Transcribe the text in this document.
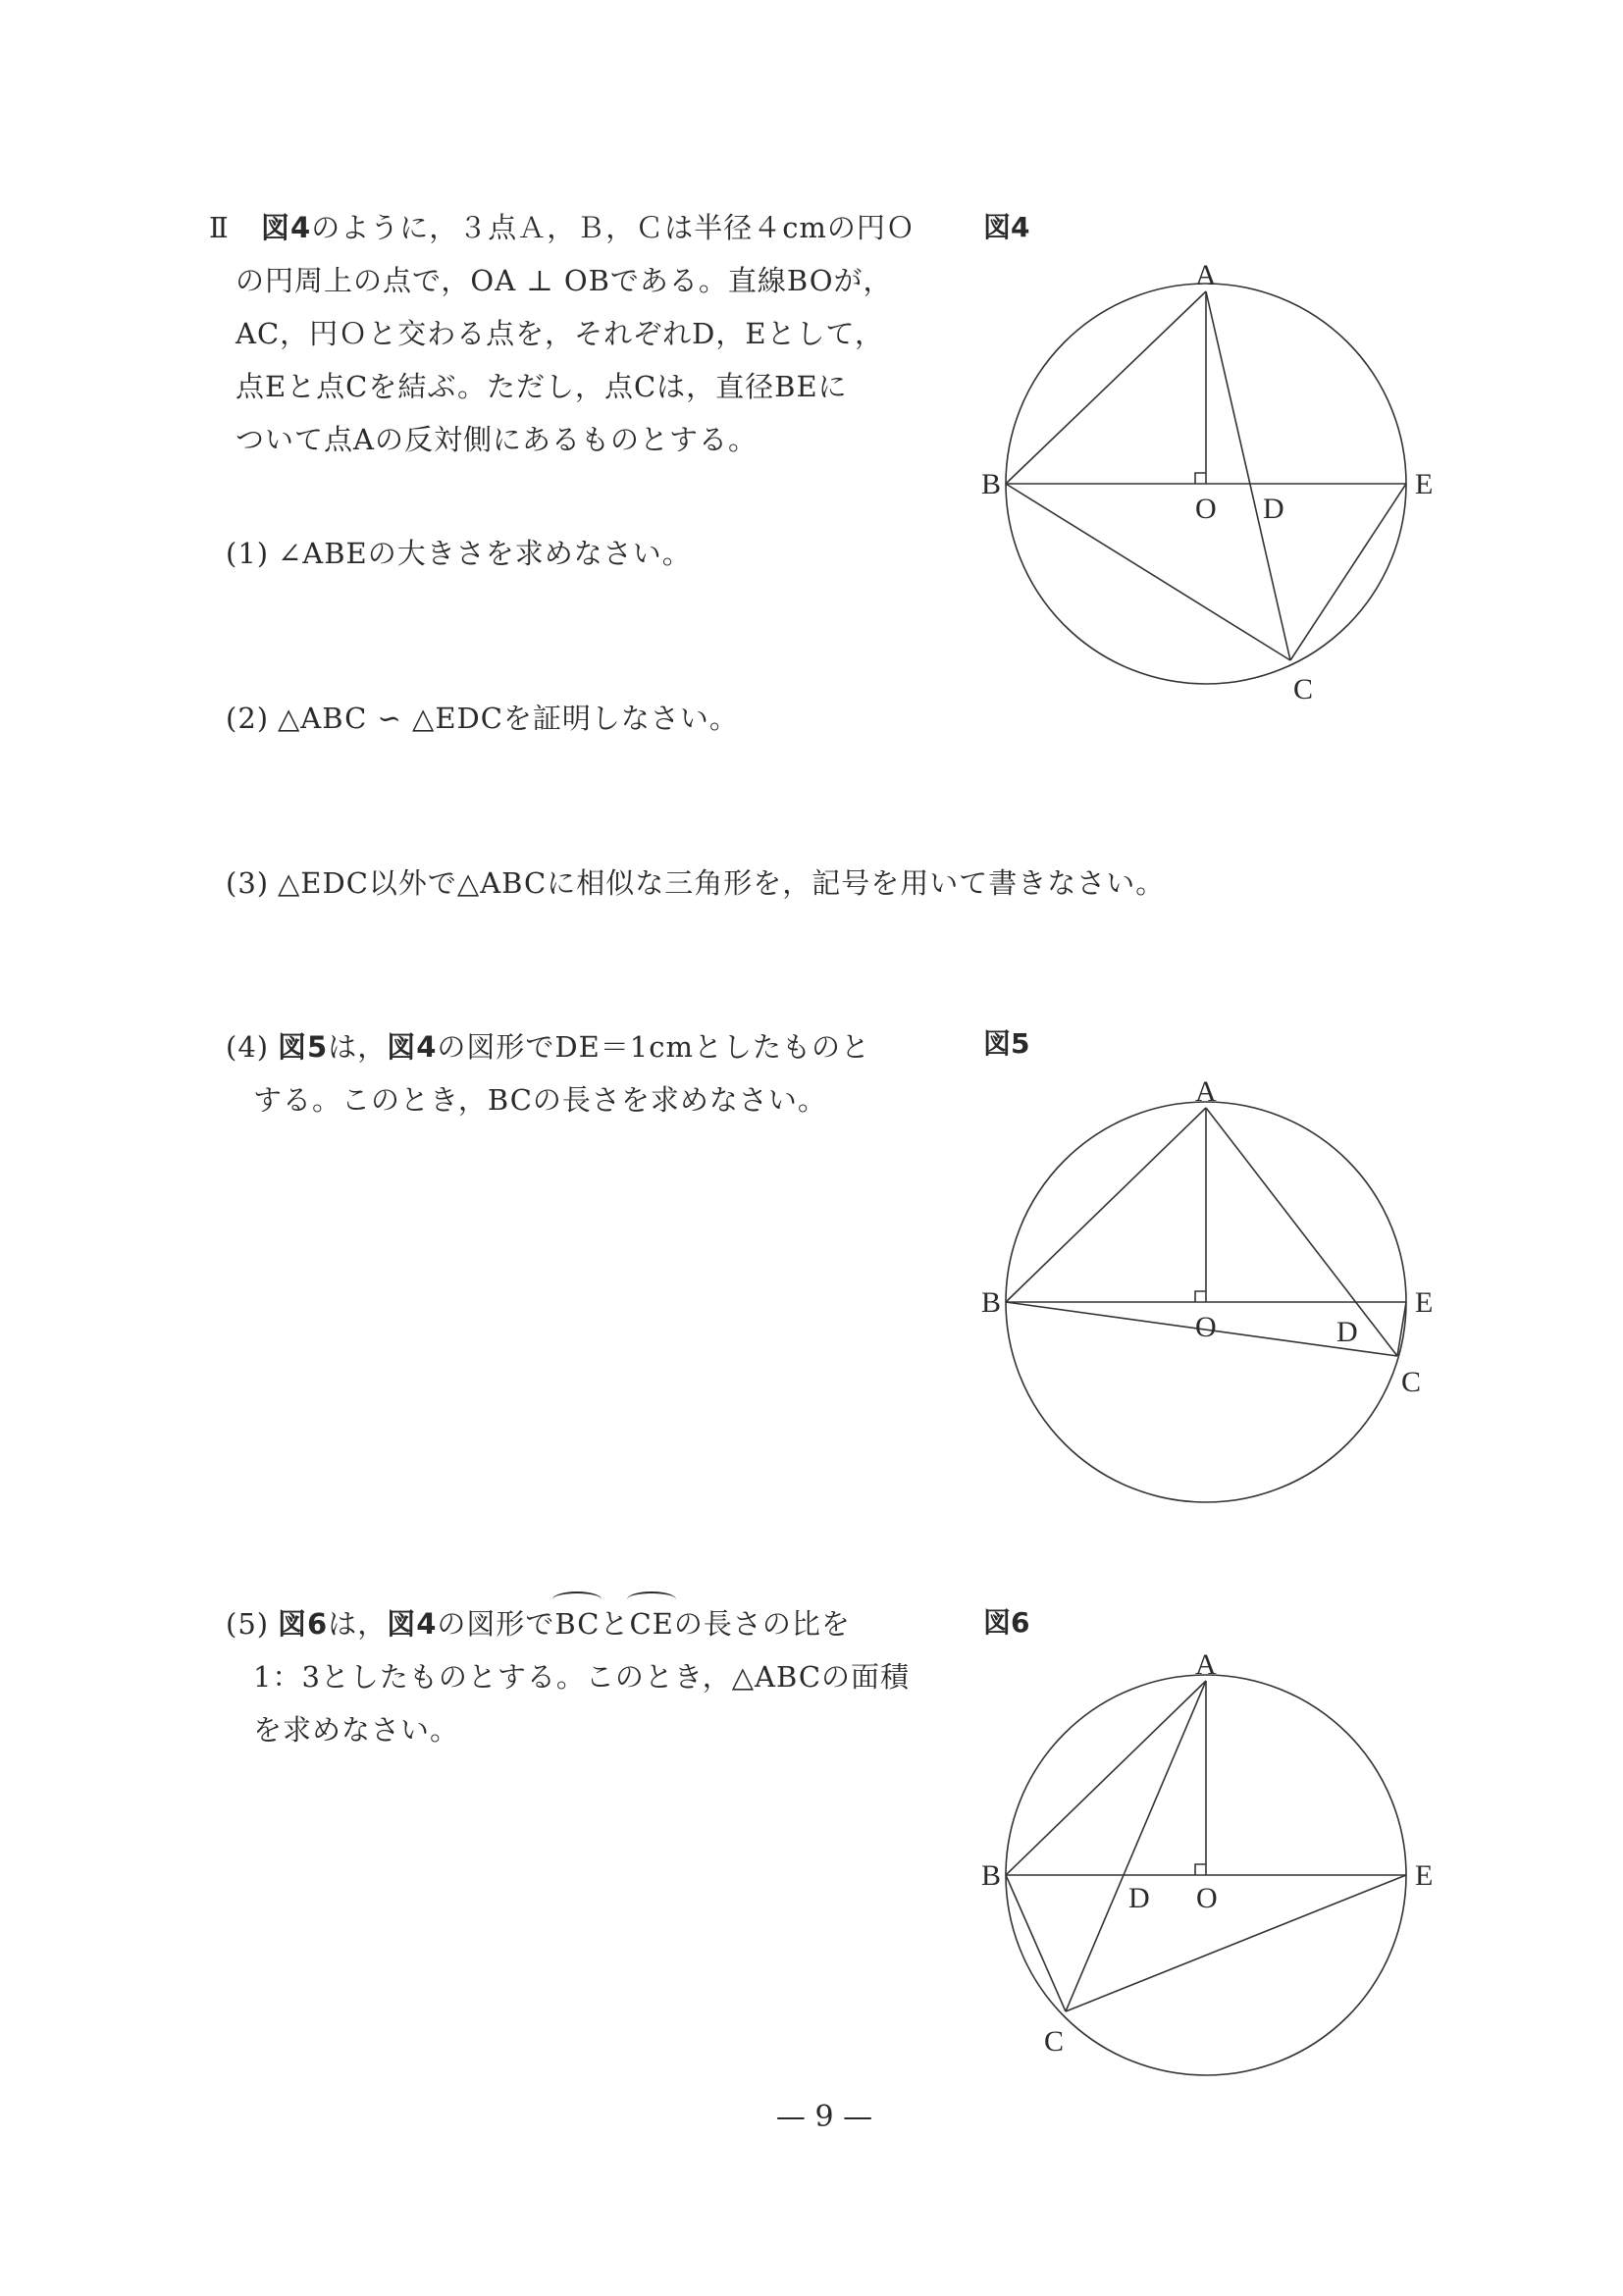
Ⅱ 図4のように，３点Ａ，Ｂ，Ｃは半径４cmの円Ｏ
の円周上の点で，OA ⊥ OBである。直線BOが，
AC，円Ｏと交わる点を，それぞれD，Eとして，
点Eと点Cを結ぶ。ただし，点Cは，直径BEに
ついて点Aの反対側にあるものとする。
(1) ∠ABEの大きさを求めなさい。
(2) △ABC ∽ △EDCを証明しなさい。
(3) △EDC以外で△ABCに相似な三角形を，記号を用いて書きなさい。
(4) 図5は，図4の図形でDE＝1cmとしたものと
する。このとき，BCの長さを求めなさい。
(5) 図6は，図4の図形でBCとCEの長さの比を
1：3としたものとする。このとき，△ABCの面積
を求めなさい。
図4
A
B	E
O D
C
図5
A
B	E
O	D
C
図6
A
B	E
O
D
C
— 9 —
